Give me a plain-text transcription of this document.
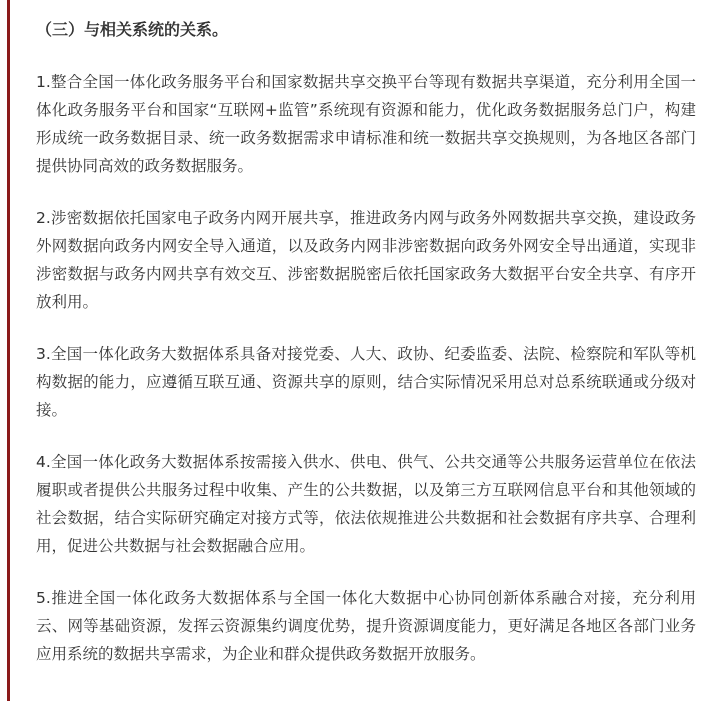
（三）与相关系统的关系。

1.整合全国一体化政务服务平台和国家数据共享交换平台等现有数据共享渠道，充分利用全国一体化政务服务平台和国家“互联网+监管”系统现有资源和能力，优化政务数据服务总门户，构建形成统一政务数据目录、统一政务数据需求申请标准和统一数据共享交换规则，为各地区各部门提供协同高效的政务数据服务。

2.涉密数据依托国家电子政务内网开展共享，推进政务内网与政务外网数据共享交换，建设政务外网数据向政务内网安全导入通道，以及政务内网非涉密数据向政务外网安全导出通道，实现非涉密数据与政务内网共享有效交互、涉密数据脱密后依托国家政务大数据平台安全共享、有序开放利用。

3.全国一体化政务大数据体系具备对接党委、人大、政协、纪委监委、法院、检察院和军队等机构数据的能力，应遵循互联互通、资源共享的原则，结合实际情况采用总对总系统联通或分级对接。

4.全国一体化政务大数据体系按需接入供水、供电、供气、公共交通等公共服务运营单位在依法履职或者提供公共服务过程中收集、产生的公共数据，以及第三方互联网信息平台和其他领域的社会数据，结合实际研究确定对接方式等，依法依规推进公共数据和社会数据有序共享、合理利用，促进公共数据与社会数据融合应用。

5.推进全国一体化政务大数据体系与全国一体化大数据中心协同创新体系融合对接，充分利用云、网等基础资源，发挥云资源集约调度优势，提升资源调度能力，更好满足各地区各部门业务应用系统的数据共享需求，为企业和群众提供政务数据开放服务。
